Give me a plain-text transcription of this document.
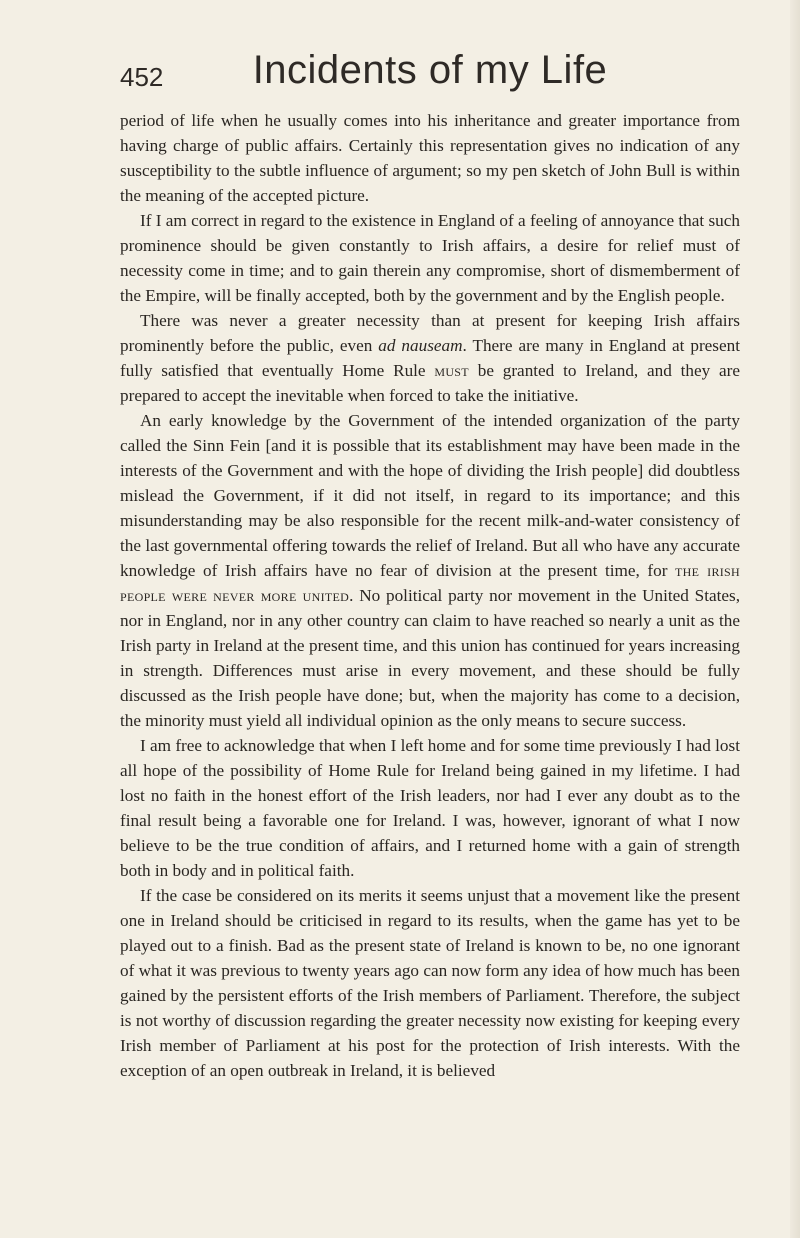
452	Incidents of my Life

period of life when he usually comes into his inheritance and greater importance from having charge of public affairs. Certainly this representation gives no indication of any susceptibility to the subtle influence of argument; so my pen sketch of John Bull is within the meaning of the accepted picture.

If I am correct in regard to the existence in England of a feeling of annoyance that such prominence should be given constantly to Irish affairs, a desire for relief must of necessity come in time; and to gain therein any compromise, short of dismemberment of the Empire, will be finally accepted, both by the government and by the English people.

There was never a greater necessity than at present for keeping Irish affairs prominently before the public, even ad nauseam. There are many in England at present fully satisfied that eventually Home Rule must be granted to Ireland, and they are prepared to accept the inevitable when forced to take the initiative.

An early knowledge by the Government of the intended organization of the party called the Sinn Fein [and it is possible that its establishment may have been made in the interests of the Government and with the hope of dividing the Irish people] did doubtless mislead the Government, if it did not itself, in regard to its importance; and this misunderstanding may be also responsible for the recent milk-and-water consistency of the last governmental offering towards the relief of Ireland. But all who have any accurate knowledge of Irish affairs have no fear of division at the present time, for the irish people were never more united. No political party nor movement in the United States, nor in England, nor in any other country can claim to have reached so nearly a unit as the Irish party in Ireland at the present time, and this union has continued for years increasing in strength. Differences must arise in every movement, and these should be fully discussed as the Irish people have done; but, when the majority has come to a decision, the minority must yield all individual opinion as the only means to secure success.

I am free to acknowledge that when I left home and for some time previously I had lost all hope of the possibility of Home Rule for Ireland being gained in my lifetime. I had lost no faith in the honest effort of the Irish leaders, nor had I ever any doubt as to the final result being a favorable one for Ireland. I was, however, ignorant of what I now believe to be the true condition of affairs, and I returned home with a gain of strength both in body and in political faith.

If the case be considered on its merits it seems unjust that a movement like the present one in Ireland should be criticised in regard to its results, when the game has yet to be played out to a finish. Bad as the present state of Ireland is known to be, no one ignorant of what it was previous to twenty years ago can now form any idea of how much has been gained by the persistent efforts of the Irish members of Parliament. Therefore, the subject is not worthy of discussion regarding the greater necessity now existing for keeping every Irish member of Parliament at his post for the protection of Irish interests. With the exception of an open outbreak in Ireland, it is believed
